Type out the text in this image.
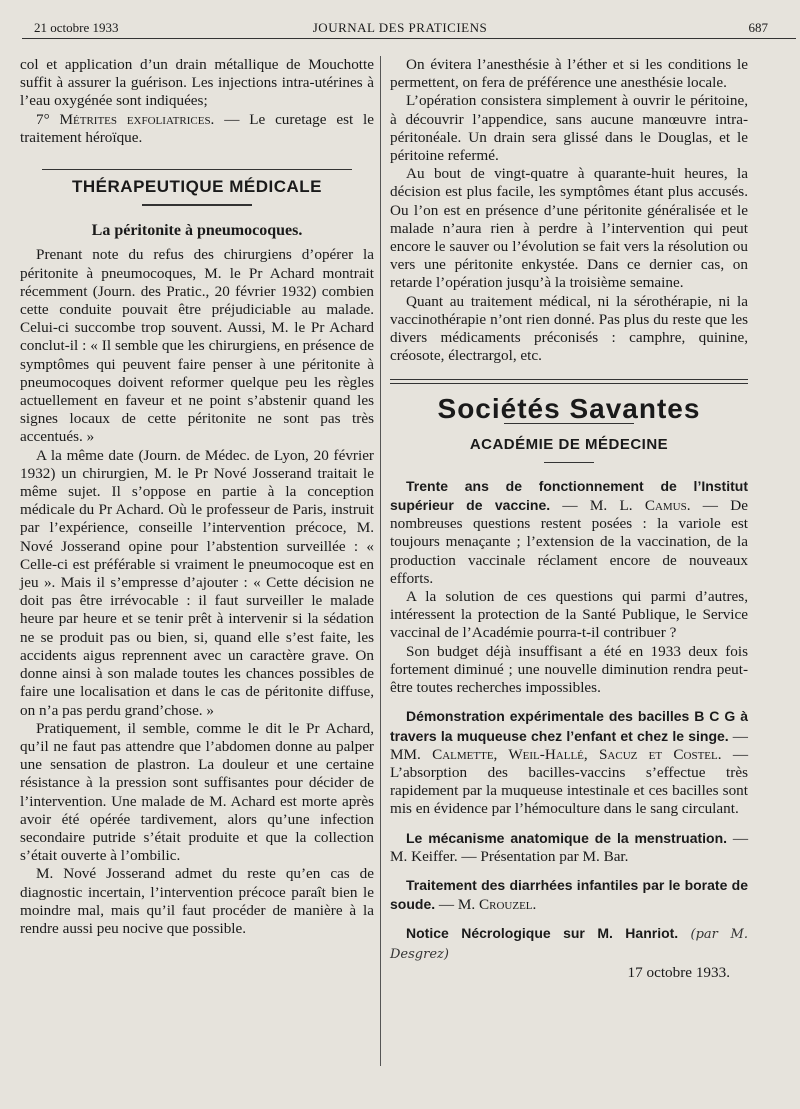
21 octobre 1933	JOURNAL DES PRATICIENS	687

col et application d’un drain métallique de Mouchotte suffit à assurer la guérison. Les injections intra-utérines à l’eau oxygénée sont indiquées;

7° Métrites exfoliatrices. — Le curetage est le traitement héroïque.

THÉRAPEUTIQUE MÉDICALE
La péritonite à pneumocoques.

Prenant note du refus des chirurgiens d’opérer la péritonite à pneumocoques, M. le Pr Achard montrait récemment (Journ. des Pratic., 20 février 1932) combien cette conduite pouvait être préjudiciable au malade. Celui-ci succombe trop souvent. Aussi, M. le Pr Achard conclut-il : « Il semble que les chirurgiens, en présence de symptômes qui peuvent faire penser à une péritonite à pneumocoques doivent reformer quelque peu les règles actuellement en faveur et ne point s’abstenir quand les signes locaux de cette péritonite ne sont pas très accentués. »

A la même date (Journ. de Médec. de Lyon, 20 février 1932) un chirurgien, M. le Pr Nové Josserand traitait le même sujet. Il s’oppose en partie à la conception médicale du Pr Achard. Où le professeur de Paris, instruit par l’expérience, conseille l’intervention précoce, M. Nové Josserand opine pour l’abstention surveillée : « Celle-ci est préférable si vraiment le pneumocoque est en jeu ». Mais il s’empresse d’ajouter : « Cette décision ne doit pas être irrévocable : il faut surveiller le malade heure par heure et se tenir prêt à intervenir si la sédation ne se produit pas ou bien, si, quand elle s’est faite, les accidents aigus reprennent avec un caractère grave. On donne ainsi à son malade toutes les chances possibles de faire une localisation et dans le cas de péritonite diffuse, on n’a pas perdu grand’chose. »

Pratiquement, il semble, comme le dit le Pr Achard, qu’il ne faut pas attendre que l’abdomen donne au palper une sensation de plastron. La douleur et une certaine résistance à la pression sont suffisantes pour décider de l’intervention. Une malade de M. Achard est morte après avoir été opérée tardivement, alors qu’une infection secondaire putride s’était produite et que la collection s’était ouverte à l’ombilic.

M. Nové Josserand admet du reste qu’en cas de diagnostic incertain, l’intervention précoce paraît bien le moindre mal, mais qu’il faut procéder de manière à la rendre aussi peu nocive que possible.

On évitera l’anesthésie à l’éther et si les conditions le permettent, on fera de préférence une anesthésie locale.

L’opération consistera simplement à ouvrir le péritoine, à découvrir l’appendice, sans aucune manœuvre intra-péritonéale. Un drain sera glissé dans le Douglas, et le péritoine refermé.

Au bout de vingt-quatre à quarante-huit heures, la décision est plus facile, les symptômes étant plus accusés. Ou l’on est en présence d’une péritonite généralisée et le malade n’aura rien à perdre à l’intervention qui peut encore le sauver ou l’évolution se fait vers la résolution ou vers une péritonite enkystée. Dans ce dernier cas, on retarde l’opération jusqu’à la troisième semaine.

Quant au traitement médical, ni la sérothérapie, ni la vaccinothérapie n’ont rien donné. Pas plus du reste que les divers médicaments préconisés : camphre, quinine, créosote, électrargol, etc.

Sociétés Savantes
ACADÉMIE DE MÉDECINE

Trente ans de fonctionnement de l’Institut supérieur de vaccine. — M. L. Camus. — De nombreuses questions restent posées : la variole est toujours menaçante ; l’extension de la vaccination, de la production vaccinale réclament encore de nouveaux efforts.

A la solution de ces questions qui parmi d’autres, intéressent la protection de la Santé Publique, le Service vaccinal de l’Académie pourra-t-il contribuer ?

Son budget déjà insuffisant a été en 1933 deux fois fortement diminué ; une nouvelle diminution rendra peut-être toutes recherches impossibles.

Démonstration expérimentale des bacilles B C G à travers la muqueuse chez l’enfant et chez le singe. — MM. Calmette, Weil-Hallé, Sacuz et Costel. — L’absorption des bacilles-vaccins s’effectue très rapidement par la muqueuse intestinale et ces bacilles sont mis en évidence par l’hémoculture dans le sang circulant.

Le mécanisme anatomique de la menstruation. — M. Keiffer. — Présentation par M. Bar.

Traitement des diarrhées infantiles par le borate de soude. — M. Crouzel.

Notice Nécrologique sur M. Hanriot. (par M. Desgrez)

17 octobre 1933.
